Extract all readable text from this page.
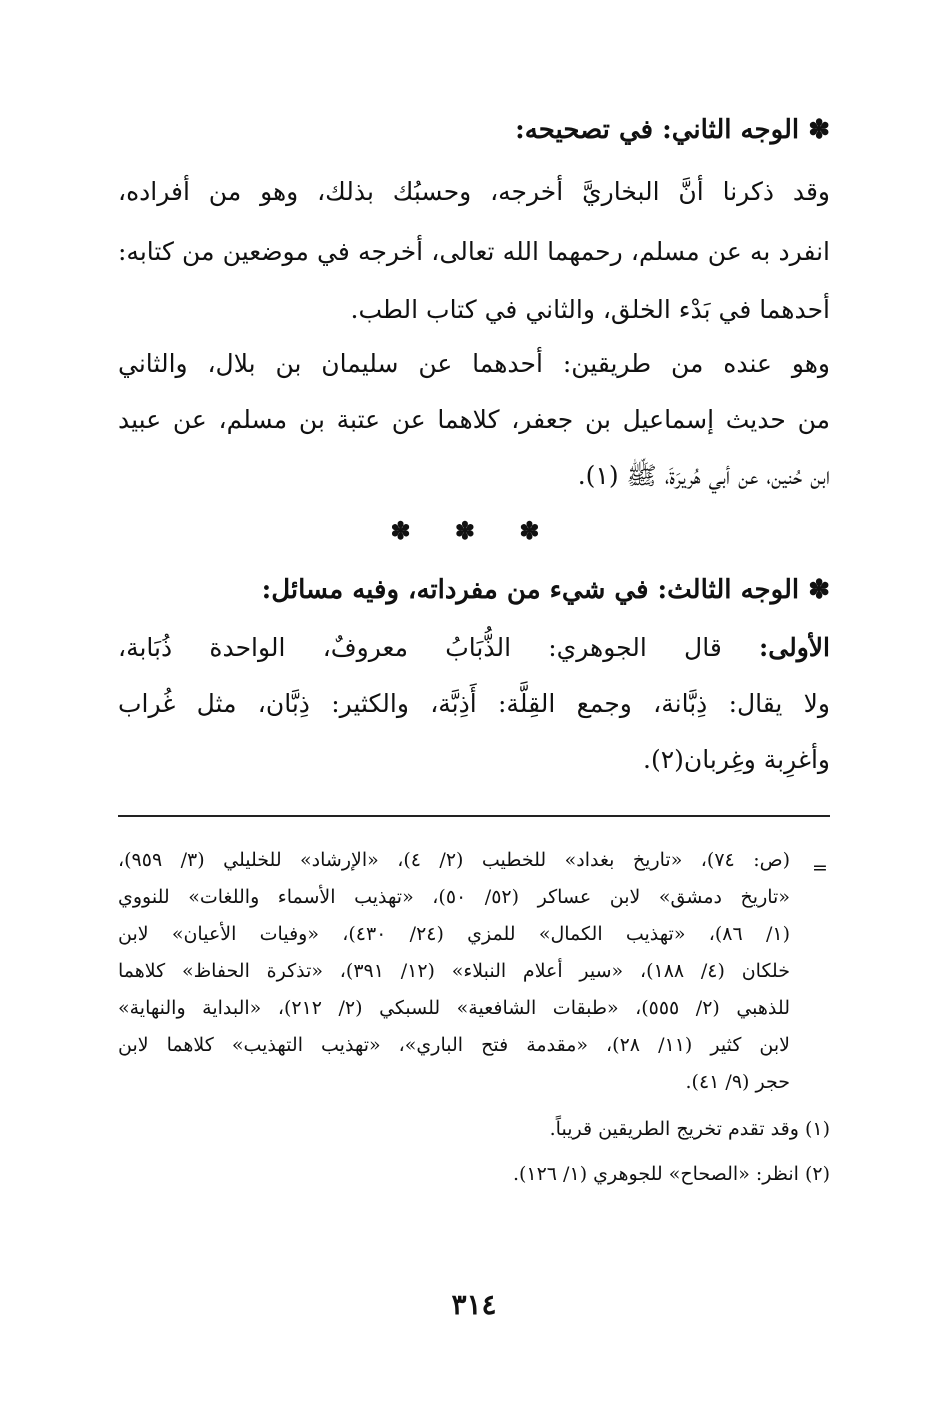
✽ الوجه الثاني: في تصحيحه:
وقد ذكرنا أنَّ البخاريَّ أخرجه، وحسبُك بذلك، وهو من أفراده،
انفرد به عن مسلم، رحمهما الله تعالى، أخرجه في موضعين من كتابه:
أحدهما في بَدْء الخلق، والثاني في كتاب الطب.
وهو عنده من طريقين: أحدهما عن سليمان بن بلال، والثاني
من حديث إسماعيل بن جعفر، كلاهما عن عتبة بن مسلم، عن عبيد
ابن حُنين، عن أبي هُريرَةَ، ﷺ (١).
✽ ✽ ✽
✽ الوجه الثالث: في شيء من مفرداته، وفيه مسائل:
الأولى: قال الجوهري: الذُّبَابُ معروفٌ، الواحدة ذُبَابة،
ولا يقال: ذِبَّانة، وجمع القِلَّة: أَذِبَّة، والكثير: ذِبَّان، مثل غُراب
وأغرِبة وغِربان(٢).
=
(ص: ٧٤)، «تاريخ بغداد» للخطيب (٢/ ٤)، «الإرشاد» للخليلي (٣/ ٩٥٩)،
«تاريخ دمشق» لابن عساكر (٥٢/ ٥٠)، «تهذيب الأسماء واللغات» للنووي
(١/ ٨٦)، «تهذيب الكمال» للمزي (٢٤/ ٤٣٠)، «وفيات الأعيان» لابن
خلكان (٤/ ١٨٨)، «سير أعلام النبلاء» (١٢/ ٣٩١)، «تذكرة الحفاظ» كلاهما
للذهبي (٢/ ٥٥٥)، «طبقات الشافعية» للسبكي (٢/ ٢١٢)، «البداية والنهاية»
لابن كثير (١١/ ٢٨)، «مقدمة فتح الباري»، «تهذيب التهذيب» كلاهما لابن
حجر (٩/ ٤١).
(١) وقد تقدم تخريج الطريقين قريباً.
(٢) انظر: «الصحاح» للجوهري (١/ ١٢٦).
٣١٤
